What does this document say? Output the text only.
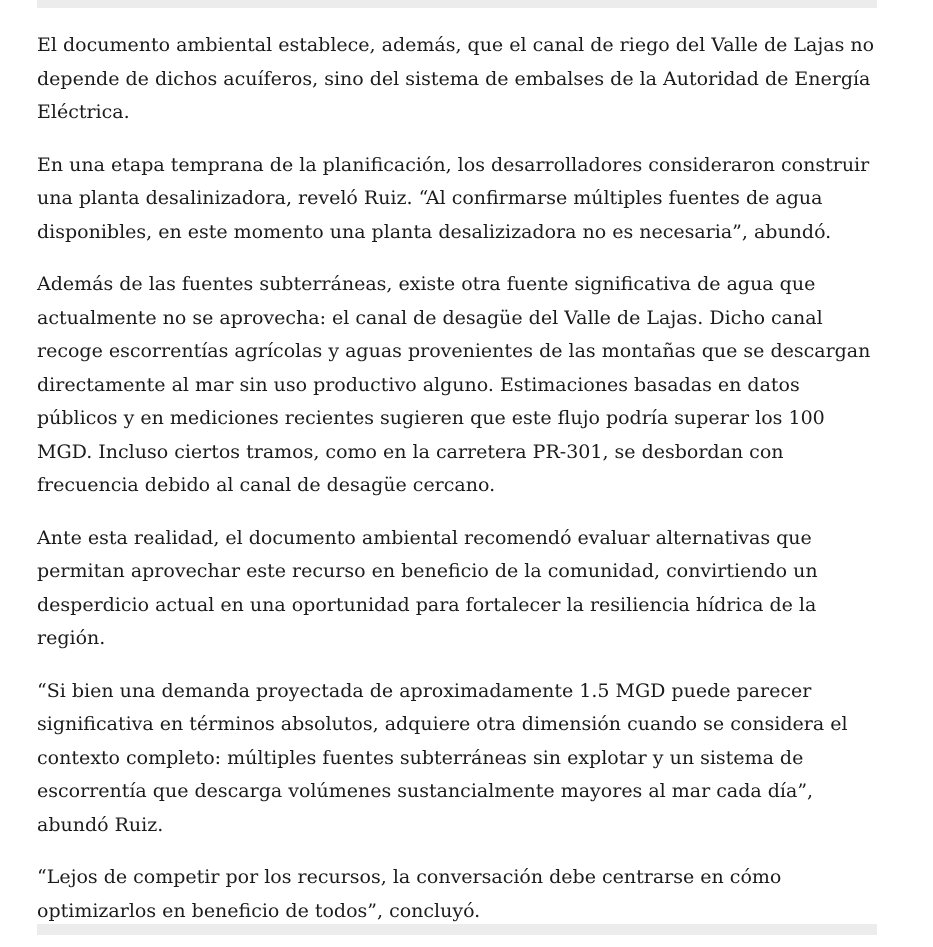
El documento ambiental establece, además, que el canal de riego del Valle de Lajas no depende de dichos acuíferos, sino del sistema de embalses de la Autoridad de Energía Eléctrica.

En una etapa temprana de la planificación, los desarrolladores consideraron construir una planta desalinizadora, reveló Ruiz. “Al confirmarse múltiples fuentes de agua disponibles, en este momento una planta desalizizadora no es necesaria”, abundó.

Además de las fuentes subterráneas, existe otra fuente significativa de agua que actualmente no se aprovecha: el canal de desagüe del Valle de Lajas. Dicho canal recoge escorrentías agrícolas y aguas provenientes de las montañas que se descargan directamente al mar sin uso productivo alguno. Estimaciones basadas en datos públicos y en mediciones recientes sugieren que este flujo podría superar los 100 MGD. Incluso ciertos tramos, como en la carretera PR-301, se desbordan con frecuencia debido al canal de desagüe cercano.

Ante esta realidad, el documento ambiental recomendó evaluar alternativas que permitan aprovechar este recurso en beneficio de la comunidad, convirtiendo un desperdicio actual en una oportunidad para fortalecer la resiliencia hídrica de la región.

“Si bien una demanda proyectada de aproximadamente 1.5 MGD puede parecer significativa en términos absolutos, adquiere otra dimensión cuando se considera el contexto completo: múltiples fuentes subterráneas sin explotar y un sistema de escorrentía que descarga volúmenes sustancialmente mayores al mar cada día”, abundó Ruiz.

“Lejos de competir por los recursos, la conversación debe centrarse en cómo optimizarlos en beneficio de todos”, concluyó.
